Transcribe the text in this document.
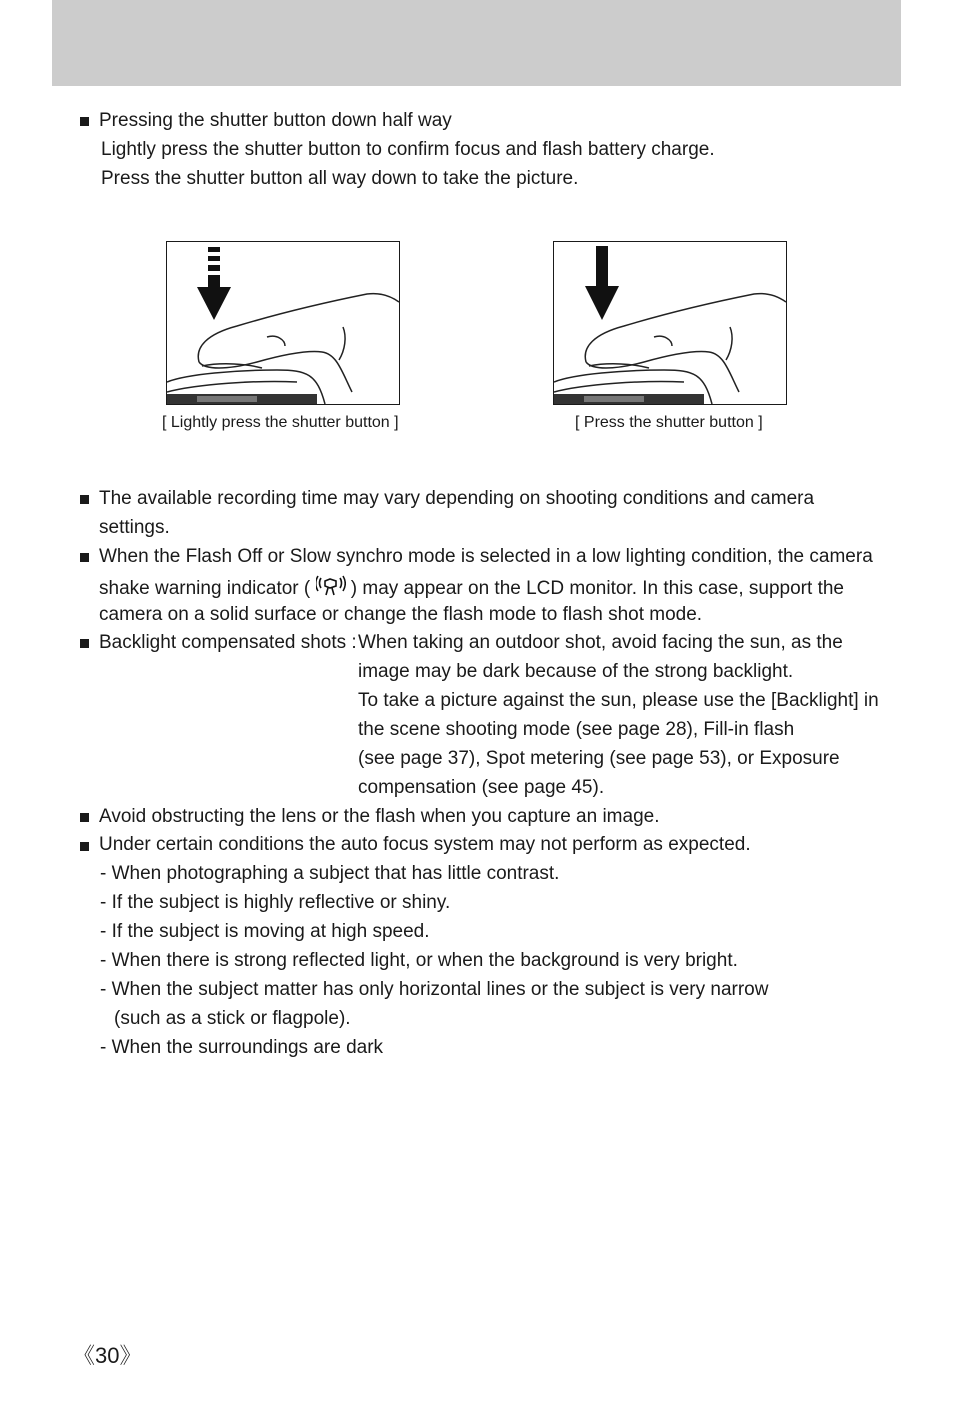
Pressing the shutter button down half way
Lightly press the shutter button to confirm focus and flash battery charge.
Press the shutter button all way down to take the picture.
[ Lightly press the shutter button ]	[ Press the shutter button ]
The available recording time may vary depending on shooting conditions and camera
settings.
When the Flash Off or Slow synchro mode is selected in a low lighting condition, the camera
shake warning indicator (  ) may appear on the LCD monitor. In this case, support the
camera on a solid surface or change the flash mode to flash shot mode.
Backlight compensated shots : When taking an outdoor shot, avoid facing the sun, as the
image may be dark because of the strong backlight.
To take a picture against the sun, please use the [Backlight] in
the scene shooting mode (see page 28), Fill-in flash
(see page 37), Spot metering (see page 53), or Exposure
compensation (see page 45).
Avoid obstructing the lens or the flash when you capture an image.
Under certain conditions the auto focus system may not perform as expected.
- When photographing a subject that has little contrast.
- If the subject is highly reflective or shiny.
- If the subject is moving at high speed.
- When there is strong reflected light, or when the background is very bright.
- When the subject matter has only horizontal lines or the subject is very narrow
(such as a stick or flagpole).
- When the surroundings are dark
《30》
